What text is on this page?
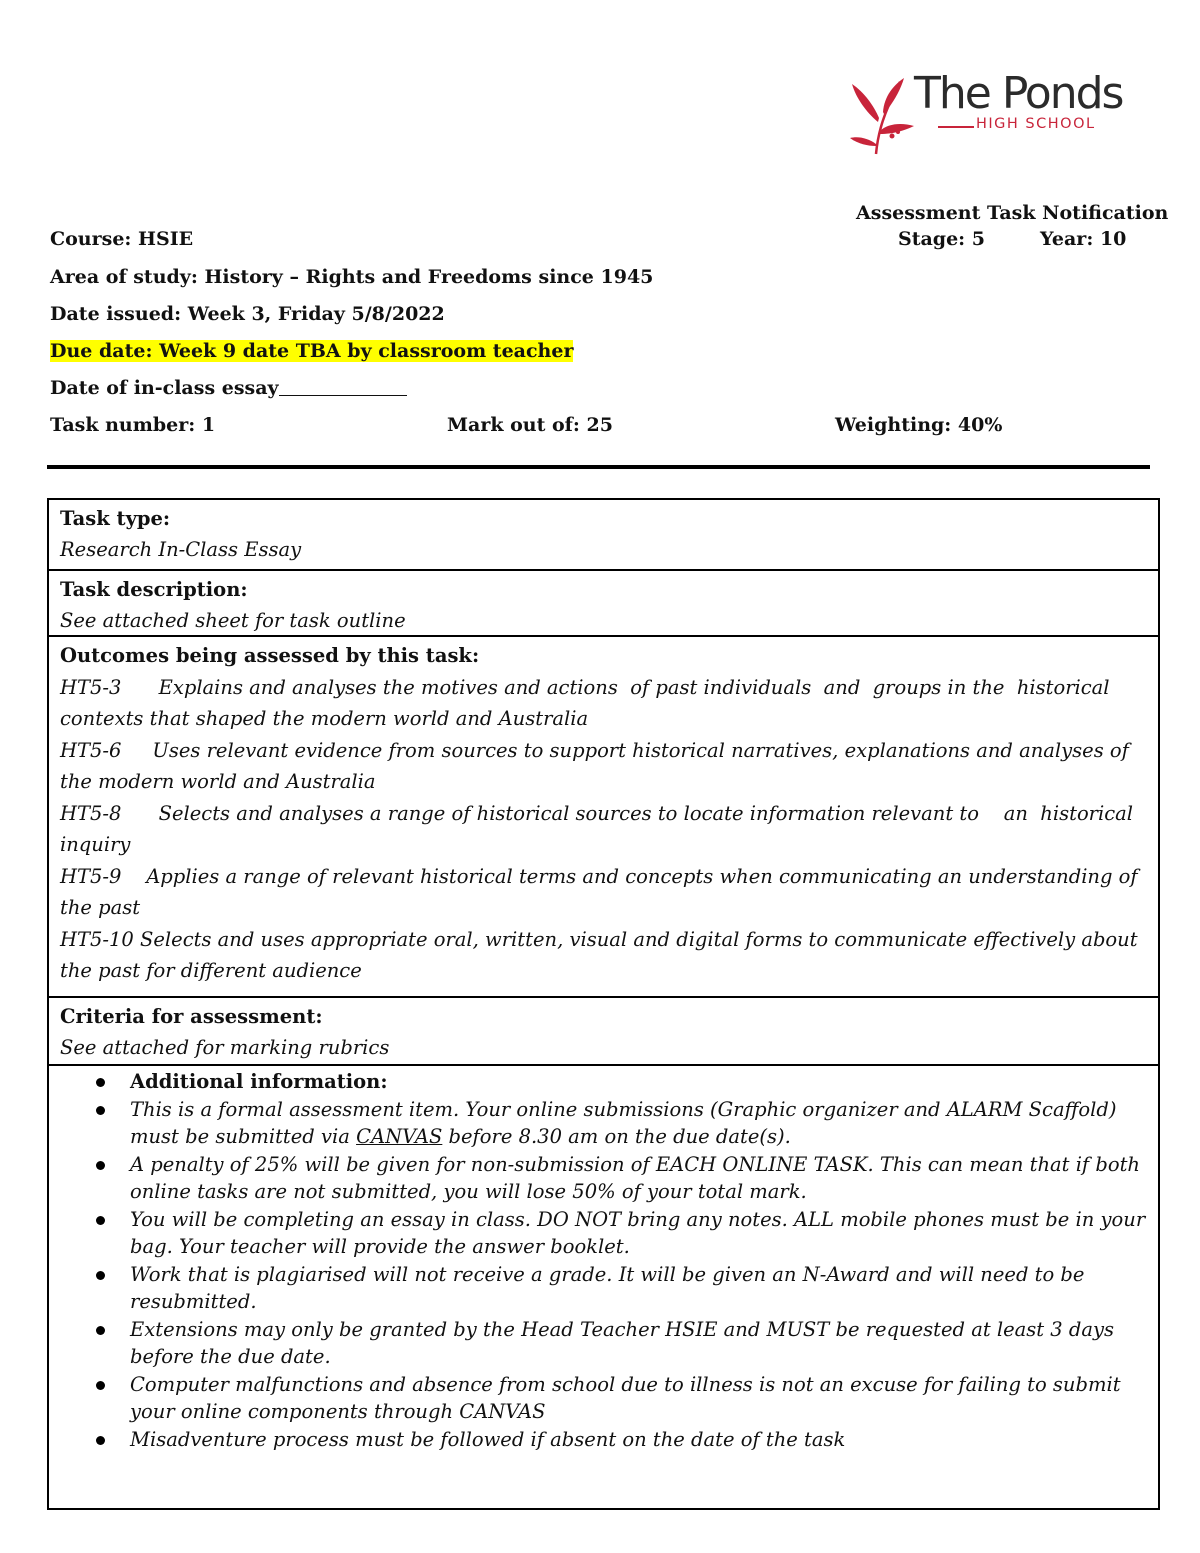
The Ponds
HIGH SCHOOL
Assessment Task Notification
Course: HSIE	Stage: 5	Year: 10
Area of study: History – Rights and Freedoms since 1945
Date issued: Week 3, Friday 5/8/2022
Due date: Week 9 date TBA by classroom teacher
Date of in-class essay
Task number: 1	Mark out of: 25	Weighting: 40%
Task type:
Research In-Class Essay
Task description:
See attached sheet for task outline
Outcomes being assessed by this task:
HT5-3      Explains and analyses the motives and actions  of past individuals  and  groups in the  historical contexts that shaped the modern world and Australia
HT5-6     Uses relevant evidence from sources to support historical narratives, explanations and analyses of the modern world and Australia
HT5-8      Selects and analyses a range of historical sources to locate information relevant to    an  historical inquiry
HT5-9    Applies a range of relevant historical terms and concepts when communicating an understanding of the past
HT5-10 Selects and uses appropriate oral, written, visual and digital forms to communicate effectively about the past for different audience
Criteria for assessment:
See attached for marking rubrics
Additional information:
This is a formal assessment item. Your online submissions (Graphic organizer and ALARM Scaffold) must be submitted via CANVAS before 8.30 am on the due date(s).
A penalty of 25% will be given for non-submission of EACH ONLINE TASK. This can mean that if both online tasks are not submitted, you will lose 50% of your total mark.
You will be completing an essay in class. DO NOT bring any notes. ALL mobile phones must be in your bag. Your teacher will provide the answer booklet.
Work that is plagiarised will not receive a grade. It will be given an N-Award and will need to be resubmitted.
Extensions may only be granted by the Head Teacher HSIE and MUST be requested at least 3 days before the due date.
Computer malfunctions and absence from school due to illness is not an excuse for failing to submit your online components through CANVAS
Misadventure process must be followed if absent on the date of the task
